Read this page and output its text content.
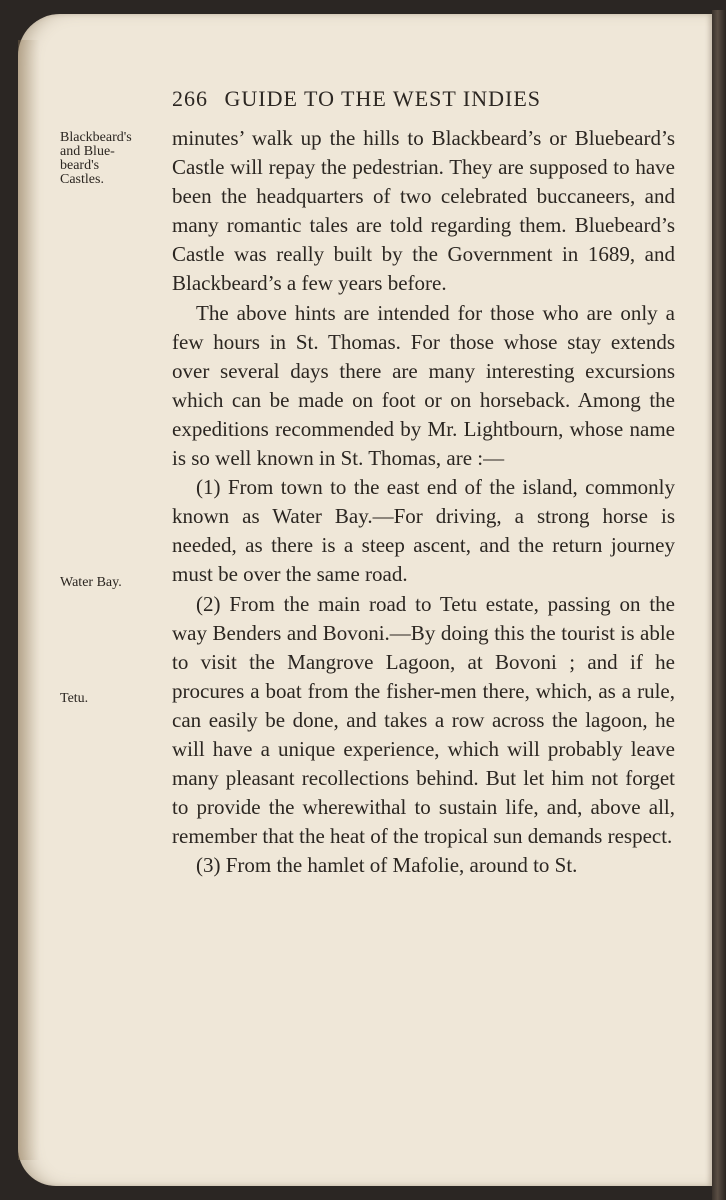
266 GUIDE TO THE WEST INDIES
Blackbeard's
and Blue-
beard's
Castles.
Water Bay.
Tetu.

minutes’ walk up the hills to Blackbeard’s or Bluebeard’s Castle will repay the pedestrian. They are supposed to have been the headquarters of two celebrated buccaneers, and many romantic tales are told regarding them. Bluebeard’s Castle was really built by the Government in 1689, and Blackbeard’s a few years before.

The above hints are intended for those who are only a few hours in St. Thomas. For those whose stay extends over several days there are many interesting excursions which can be made on foot or on horseback. Among the expeditions recommended by Mr. Lightbourn, whose name is so well known in St. Thomas, are :—

(1) From town to the east end of the island, commonly known as Water Bay.—For driving, a strong horse is needed, as there is a steep ascent, and the return journey must be over the same road.

(2) From the main road to Tetu estate, passing on the way Benders and Bovoni.—By doing this the tourist is able to visit the Mangrove Lagoon, at Bovoni ; and if he procures a boat from the fisher-men there, which, as a rule, can easily be done, and takes a row across the lagoon, he will have a unique experience, which will probably leave many pleasant recollections behind. But let him not forget to provide the wherewithal to sustain life, and, above all, remember that the heat of the tropical sun demands respect.

(3) From the hamlet of Mafolie, around to St.
